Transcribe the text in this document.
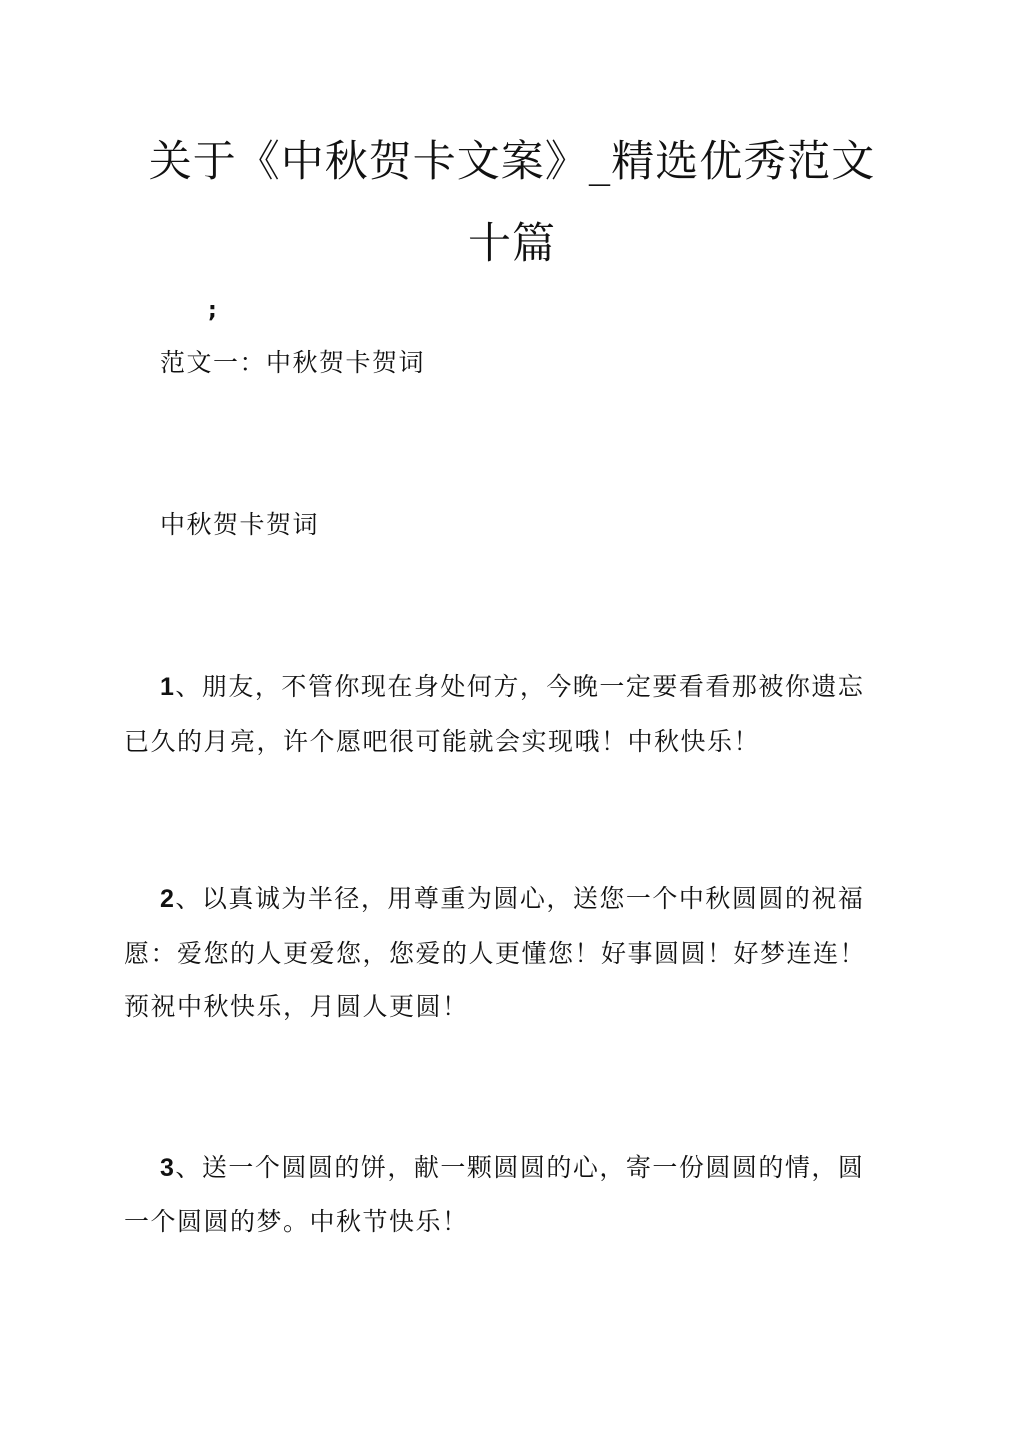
关于《中秋贺卡文案》_精选优秀范文
十篇
;
范文一：中秋贺卡贺词
中秋贺卡贺词
1、朋友，不管你现在身处何方，今晚一定要看看那被你遗忘
已久的月亮，许个愿吧很可能就会实现哦！中秋快乐！
2、以真诚为半径，用尊重为圆心，送您一个中秋圆圆的祝福
愿：爱您的人更爱您，您爱的人更懂您！好事圆圆！好梦连连！
预祝中秋快乐，月圆人更圆！
3、送一个圆圆的饼，献一颗圆圆的心，寄一份圆圆的情，圆
一个圆圆的梦。中秋节快乐！
